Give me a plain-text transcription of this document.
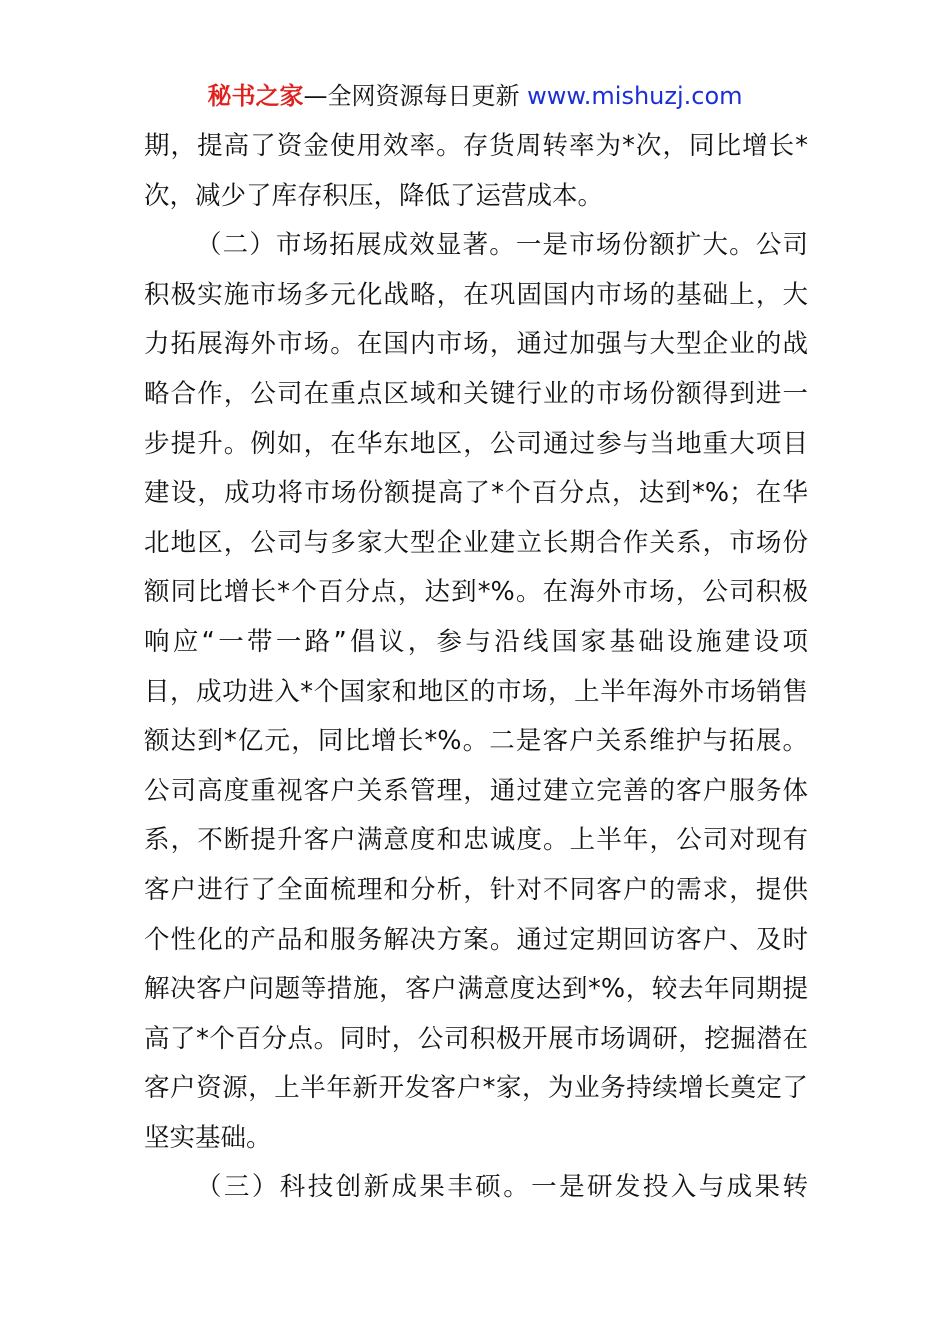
秘书之家—全网资源每日更新 www.mishuzj.com
期，提高了资金使用效率。存货周转率为*次，同比增长*
次，减少了库存积压，降低了运营成本。
（二）市场拓展成效显著。一是市场份额扩大。公司
积极实施市场多元化战略，在巩固国内市场的基础上，大
力拓展海外市场。在国内市场，通过加强与大型企业的战
略合作，公司在重点区域和关键行业的市场份额得到进一
步提升。例如，在华东地区，公司通过参与当地重大项目
建设，成功将市场份额提高了*个百分点，达到*%；在华
北地区，公司与多家大型企业建立长期合作关系，市场份
额同比增长*个百分点，达到*%。在海外市场，公司积极
响应“一带一路”倡议，参与沿线国家基础设施建设项
目，成功进入*个国家和地区的市场，上半年海外市场销售
额达到*亿元，同比增长*%。二是客户关系维护与拓展。
公司高度重视客户关系管理，通过建立完善的客户服务体
系，不断提升客户满意度和忠诚度。上半年，公司对现有
客户进行了全面梳理和分析，针对不同客户的需求，提供
个性化的产品和服务解决方案。通过定期回访客户、及时
解决客户问题等措施，客户满意度达到*%，较去年同期提
高了*个百分点。同时，公司积极开展市场调研，挖掘潜在
客户资源，上半年新开发客户*家，为业务持续增长奠定了
坚实基础。
（三）科技创新成果丰硕。一是研发投入与成果转
